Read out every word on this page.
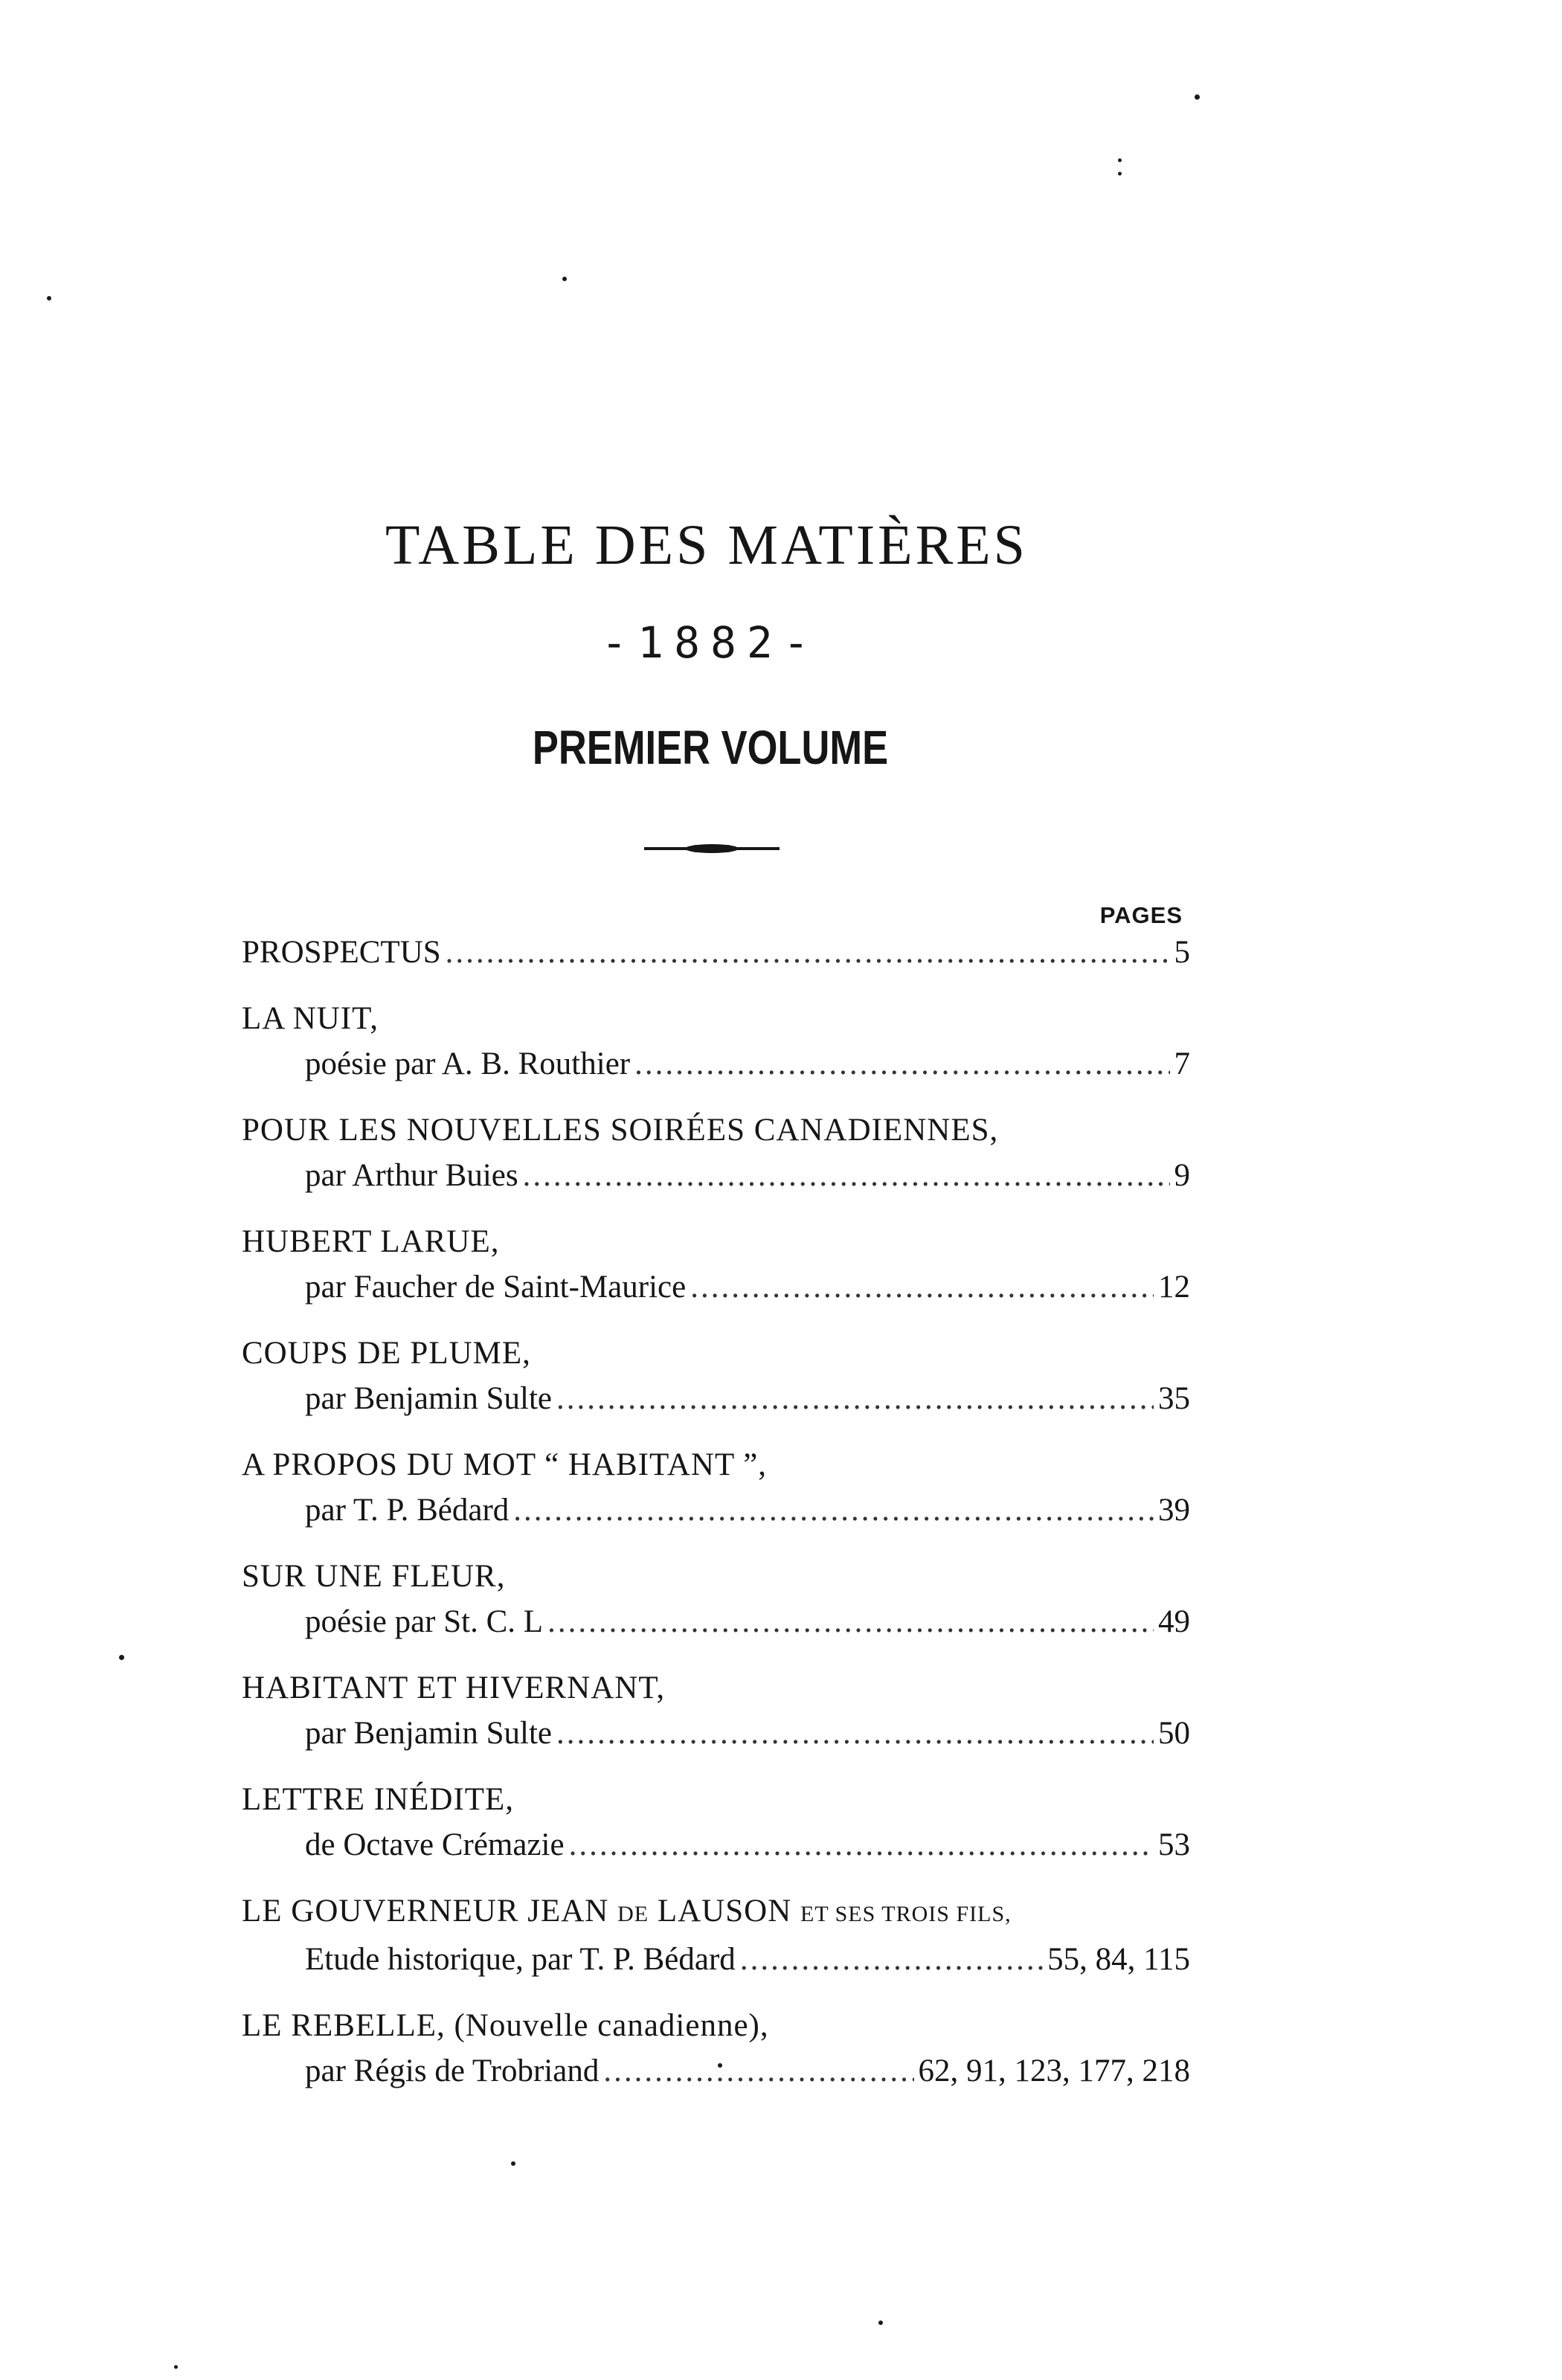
TABLE DES MATIÈRES
-1882-
PREMIER VOLUME
PAGES
PROSPECTUS .....	5
LA NUIT,
poésie par A. B. Routhier .....	7
POUR LES NOUVELLES SOIRÉES CANADIENNES,
par Arthur Buies .....	9
HUBERT LARUE,
par Faucher de Saint-Maurice .....	12
COUPS DE PLUME,
par Benjamin Sulte .....	35
A PROPOS DU MOT “ HABITANT ”,
par T. P. Bédard .....	39
SUR UNE FLEUR,
poésie par St. C. L .....	49
HABITANT ET HIVERNANT,
par Benjamin Sulte .....	50
LETTRE INÉDITE,
de Octave Crémazie .....	53
LE GOUVERNEUR JEAN DE LAUSON ET SES TROIS FILS,
Etude historique, par T. P. Bédard .....	55, 84, 115
LE REBELLE, (Nouvelle canadienne),
par Régis de Trobriand .....	62, 91, 123, 177, 218
